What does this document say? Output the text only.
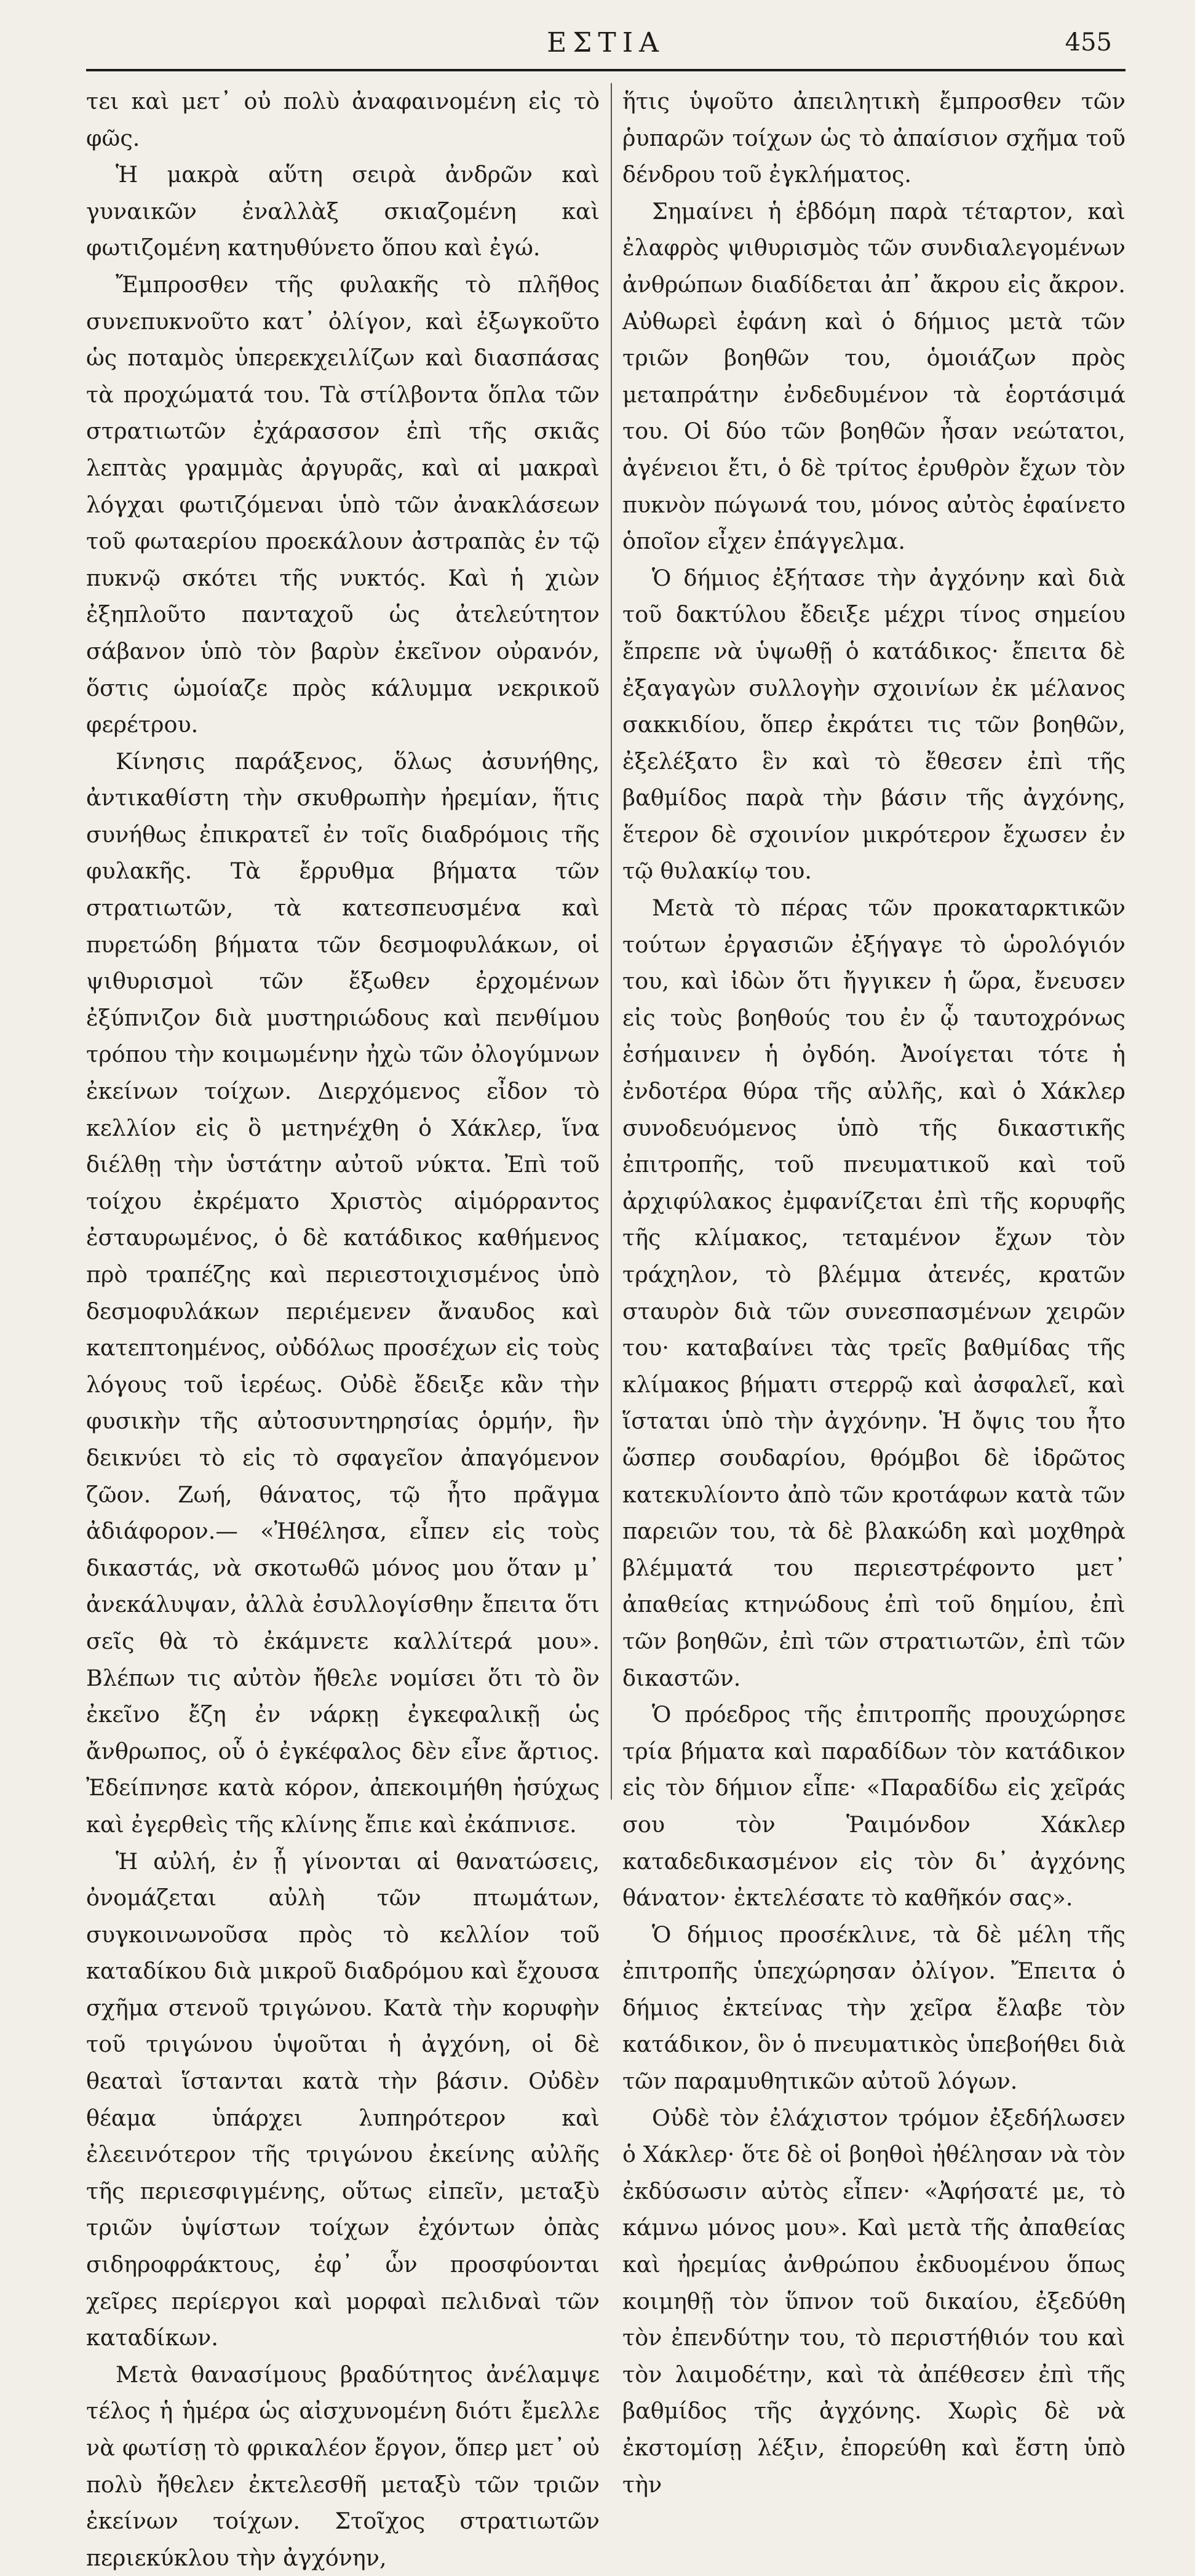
ΕΣΤΙΑ	455

τει καὶ μετ᾽ οὐ πολὺ ἀναφαινομένη εἰς τὸ φῶς.

Ἡ μακρὰ αὕτη σειρὰ ἀνδρῶν καὶ γυναικῶν ἐναλλὰξ σκιαζομένη καὶ φωτιζομένη κατηυθύνετο ὅπου καὶ ἐγώ.

Ἔμπροσθεν τῆς φυλακῆς τὸ πλῆθος συνεπυκνοῦτο κατ᾽ ὀλίγον, καὶ ἐξωγκοῦτο ὡς ποταμὸς ὑπερεκχειλίζων καὶ διασπάσας τὰ προχώματά του. Τὰ στίλβοντα ὅπλα τῶν στρατιωτῶν ἐχάρασσον ἐπὶ τῆς σκιᾶς λεπτὰς γραμμὰς ἀργυρᾶς, καὶ αἱ μακραὶ λόγχαι φωτιζόμεναι ὑπὸ τῶν ἀνακλάσεων τοῦ φωταερίου προεκάλουν ἀστραπὰς ἐν τῷ πυκνῷ σκότει τῆς νυκτός. Καὶ ἡ χιὼν ἐξηπλοῦτο πανταχοῦ ὡς ἀτελεύτητον σάβανον ὑπὸ τὸν βαρὺν ἐκεῖνον οὐρανόν, ὅστις ὡμοίαζε πρὸς κάλυμμα νεκρικοῦ φερέτρου.

Κίνησις παράξενος, ὅλως ἀσυνήθης, ἀντικαθίστη τὴν σκυθρωπὴν ἠρεμίαν, ἥτις συνήθως ἐπικρατεῖ ἐν τοῖς διαδρόμοις τῆς φυλακῆς. Τὰ ἔρρυθμα βήματα τῶν στρατιωτῶν, τὰ κατεσπευσμένα καὶ πυρετώδη βήματα τῶν δεσμοφυλάκων, οἱ ψιθυρισμοὶ τῶν ἔξωθεν ἐρχομένων ἐξύπνιζον διὰ μυστηριώδους καὶ πενθίμου τρόπου τὴν κοιμωμένην ἠχὼ τῶν ὀλογύμνων ἐκείνων τοίχων. Διερχόμενος εἶδον τὸ κελλίον εἰς ὃ μετηνέχθη ὁ Χάκλερ, ἵνα διέλθῃ τὴν ὑστάτην αὐτοῦ νύκτα. Ἐπὶ τοῦ τοίχου ἐκρέματο Χριστὸς αἱμόρραντος ἐσταυρωμένος, ὁ δὲ κατάδικος καθήμενος πρὸ τραπέζης καὶ περιεστοιχισμένος ὑπὸ δεσμοφυλάκων περιέμενεν ἄναυδος καὶ κατεπτοημένος, οὐδόλως προσέχων εἰς τοὺς λόγους τοῦ ἱερέως. Οὐδὲ ἔδειξε κἂν τὴν φυσικὴν τῆς αὐτοσυντηρησίας ὁρμήν, ἣν δεικνύει τὸ εἰς τὸ σφαγεῖον ἀπαγόμενον ζῶον. Ζωή, θάνατος, τῷ ἦτο πρᾶγμα ἀδιάφορον.— «Ἠθέλησα, εἶπεν εἰς τοὺς δικαστάς, νὰ σκοτωθῶ μόνος μου ὅταν μ᾽ ἀνεκάλυψαν, ἀλλὰ ἐσυλλογίσθην ἔπειτα ὅτι σεῖς θὰ τὸ ἐκάμνετε καλλίτερά μου». Βλέπων τις αὐτὸν ἤθελε νομίσει ὅτι τὸ ὂν ἐκεῖνο ἔζη ἐν νάρκῃ ἐγκεφαλικῇ ὡς ἄνθρωπος, οὗ ὁ ἐγκέφαλος δὲν εἶνε ἄρτιος. Ἐδείπνησε κατὰ κόρον, ἀπεκοιμήθη ἡσύχως καὶ ἐγερθεὶς τῆς κλίνης ἔπιε καὶ ἐκάπνισε.

Ἡ αὐλή, ἐν ᾗ γίνονται αἱ θανατώσεις, ὀνομάζεται αὐλὴ τῶν πτωμάτων, συγκοινωνοῦσα πρὸς τὸ κελλίον τοῦ καταδίκου διὰ μικροῦ διαδρόμου καὶ ἔχουσα σχῆμα στενοῦ τριγώνου. Κατὰ τὴν κορυφὴν τοῦ τριγώνου ὑψοῦται ἡ ἀγχόνη, οἱ δὲ θεαταὶ ἵστανται κατὰ τὴν βάσιν. Οὐδὲν θέαμα ὑπάρχει λυπηρότερον καὶ ἐλεεινότερον τῆς τριγώνου ἐκείνης αὐλῆς τῆς περιεσφιγμένης, οὕτως εἰπεῖν, μεταξὺ τριῶν ὑψίστων τοίχων ἐχόντων ὀπὰς σιδηροφράκτους, ἐφ᾽ ὧν προσφύονται χεῖρες περίεργοι καὶ μορφαὶ πελιδναὶ τῶν καταδίκων.

Μετὰ θανασίμους βραδύτητος ἀνέλαμψε τέλος ἡ ἡμέρα ὡς αἰσχυνομένη διότι ἔμελλε νὰ φωτίσῃ τὸ φρικαλέον ἔργον, ὅπερ μετ᾽ οὐ πολὺ ἤθελεν ἐκτελεσθῆ μεταξὺ τῶν τριῶν ἐκείνων τοίχων. Στοῖχος στρατιωτῶν περιεκύκλου τὴν ἀγχόνην,

ἥτις ὑψοῦτο ἀπειλητικὴ ἔμπροσθεν τῶν ῥυπαρῶν τοίχων ὡς τὸ ἀπαίσιον σχῆμα τοῦ δένδρου τοῦ ἐγκλήματος.

Σημαίνει ἡ ἑβδόμη παρὰ τέταρτον, καὶ ἐλαφρὸς ψιθυρισμὸς τῶν συνδιαλεγομένων ἀνθρώπων διαδίδεται ἀπ᾽ ἄκρου εἰς ἄκρον. Αὐθωρεὶ ἐφάνη καὶ ὁ δήμιος μετὰ τῶν τριῶν βοηθῶν του, ὁμοιάζων πρὸς μεταπράτην ἐνδεδυμένον τὰ ἑορτάσιμά του. Οἱ δύο τῶν βοηθῶν ἦσαν νεώτατοι, ἀγένειοι ἔτι, ὁ δὲ τρίτος ἐρυθρὸν ἔχων τὸν πυκνὸν πώγωνά του, μόνος αὐτὸς ἐφαίνετο ὁποῖον εἶχεν ἐπάγγελμα.

Ὁ δήμιος ἐξήτασε τὴν ἀγχόνην καὶ διὰ τοῦ δακτύλου ἔδειξε μέχρι τίνος σημείου ἔπρεπε νὰ ὑψωθῇ ὁ κατάδικος· ἔπειτα δὲ ἐξαγαγὼν συλλογὴν σχοινίων ἐκ μέλανος σακκιδίου, ὅπερ ἐκράτει τις τῶν βοηθῶν, ἐξελέξατο ἓν καὶ τὸ ἔθεσεν ἐπὶ τῆς βαθμίδος παρὰ τὴν βάσιν τῆς ἀγχόνης, ἕτερον δὲ σχοινίον μικρότερον ἔχωσεν ἐν τῷ θυλακίῳ του.

Μετὰ τὸ πέρας τῶν προκαταρκτικῶν τούτων ἐργασιῶν ἐξήγαγε τὸ ὡρολόγιόν του, καὶ ἰδὼν ὅτι ἤγγικεν ἡ ὥρα, ἔνευσεν εἰς τοὺς βοηθούς του ἐν ᾧ ταυτοχρόνως ἐσήμαινεν ἡ ὀγδόη. Ἀνοίγεται τότε ἡ ἐνδοτέρα θύρα τῆς αὐλῆς, καὶ ὁ Χάκλερ συνοδευόμενος ὑπὸ τῆς δικαστικῆς ἐπιτροπῆς, τοῦ πνευματικοῦ καὶ τοῦ ἀρχιφύλακος ἐμφανίζεται ἐπὶ τῆς κορυφῆς τῆς κλίμακος, τεταμένον ἔχων τὸν τράχηλον, τὸ βλέμμα ἀτενές, κρατῶν σταυρὸν διὰ τῶν συνεσπασμένων χειρῶν του· καταβαίνει τὰς τρεῖς βαθμίδας τῆς κλίμακος βήματι στερρῷ καὶ ἀσφαλεῖ, καὶ ἵσταται ὑπὸ τὴν ἀγχόνην. Ἡ ὄψις του ἦτο ὥσπερ σουδαρίου, θρόμβοι δὲ ἱδρῶτος κατεκυλίοντο ἀπὸ τῶν κροτάφων κατὰ τῶν παρειῶν του, τὰ δὲ βλακώδη καὶ μοχθηρὰ βλέμματά του περιεστρέφοντο μετ᾽ ἀπαθείας κτηνώδους ἐπὶ τοῦ δημίου, ἐπὶ τῶν βοηθῶν, ἐπὶ τῶν στρατιωτῶν, ἐπὶ τῶν δικαστῶν.

Ὁ πρόεδρος τῆς ἐπιτροπῆς προυχώρησε τρία βήματα καὶ παραδίδων τὸν κατάδικον εἰς τὸν δήμιον εἶπε· «Παραδίδω εἰς χεῖράς σου τὸν Ῥαιμόνδον Χάκλερ καταδεδικασμένον εἰς τὸν δι᾽ ἀγχόνης θάνατον· ἐκτελέσατε τὸ καθῆκόν σας».

Ὁ δήμιος προσέκλινε, τὰ δὲ μέλη τῆς ἐπιτροπῆς ὑπεχώρησαν ὀλίγον. Ἔπειτα ὁ δήμιος ἐκτείνας τὴν χεῖρα ἔλαβε τὸν κατάδικον, ὃν ὁ πνευματικὸς ὑπεβοήθει διὰ τῶν παραμυθητικῶν αὐτοῦ λόγων.

Οὐδὲ τὸν ἐλάχιστον τρόμον ἐξεδήλωσεν ὁ Χάκλερ· ὅτε δὲ οἱ βοηθοὶ ἠθέλησαν νὰ τὸν ἐκδύσωσιν αὐτὸς εἶπεν· «Ἀφήσατέ με, τὸ κάμνω μόνος μου». Καὶ μετὰ τῆς ἀπαθείας καὶ ἠρεμίας ἀνθρώπου ἐκδυομένου ὅπως κοιμηθῇ τὸν ὕπνον τοῦ δικαίου, ἐξεδύθη τὸν ἐπενδύτην του, τὸ περιστήθιόν του καὶ τὸν λαιμοδέτην, καὶ τὰ ἀπέθεσεν ἐπὶ τῆς βαθμίδος τῆς ἀγχόνης. Χωρὶς δὲ νὰ ἐκστομίσῃ λέξιν, ἐπορεύθη καὶ ἔστη ὑπὸ τὴν
